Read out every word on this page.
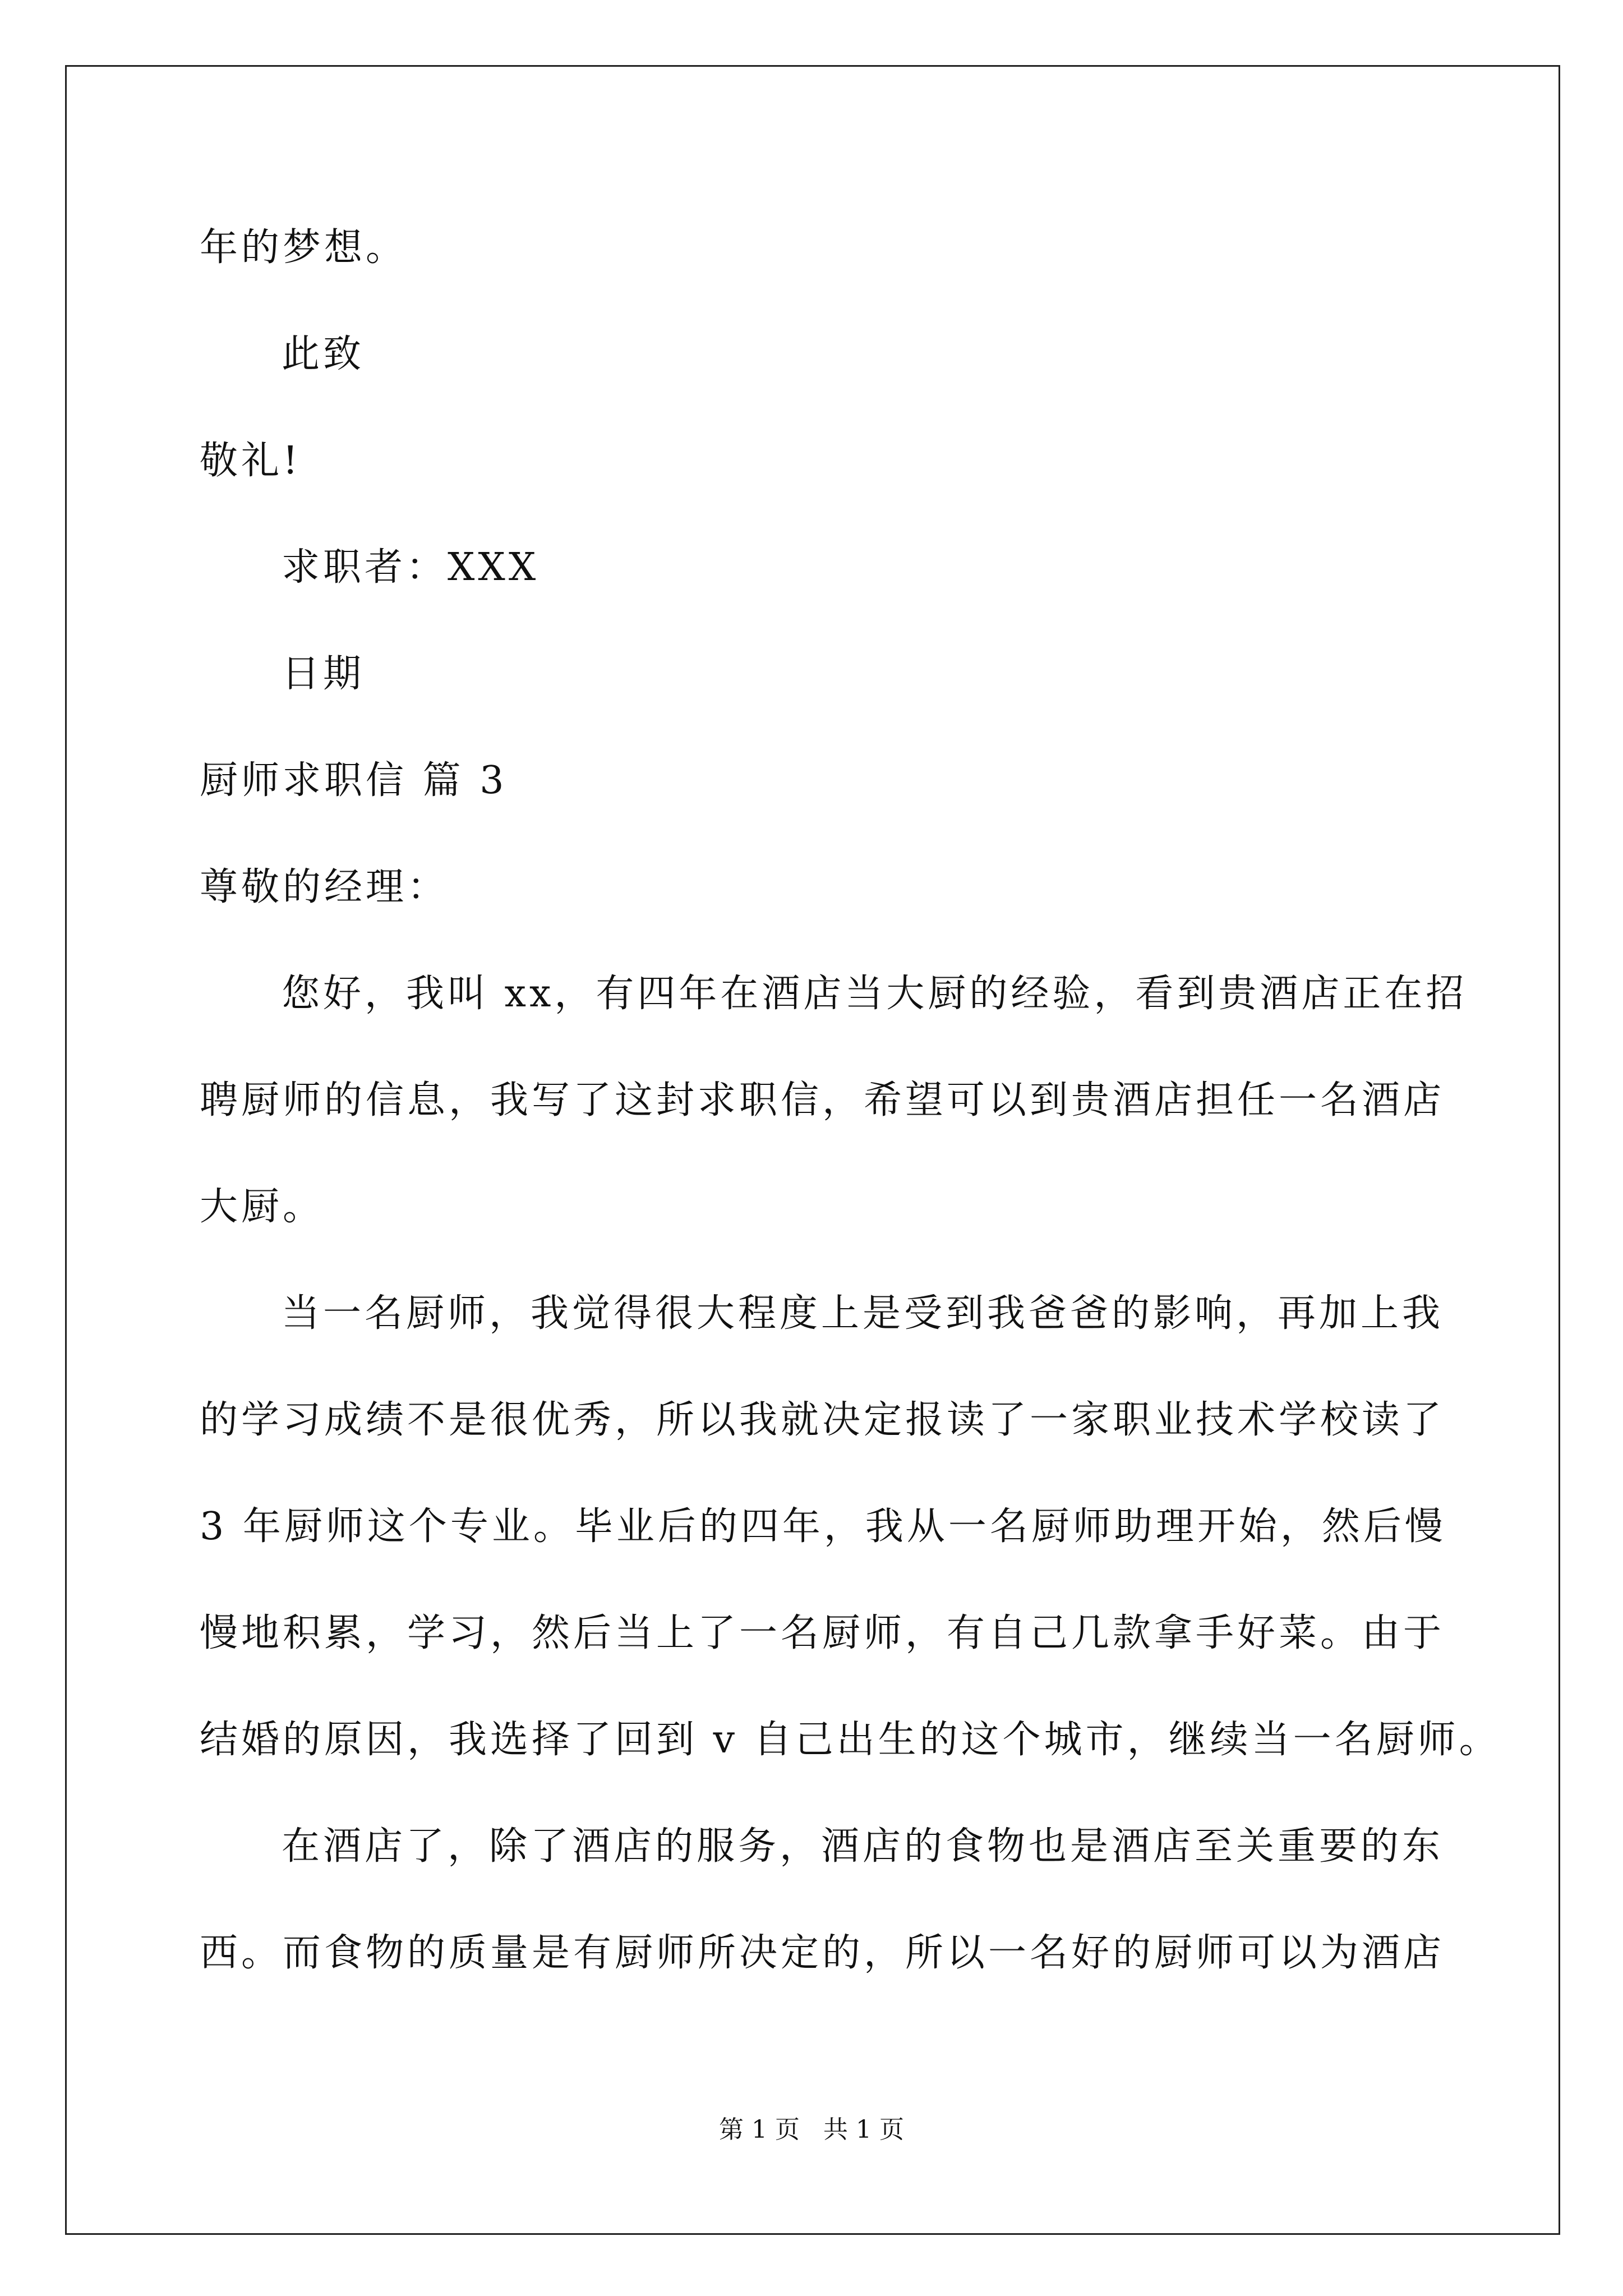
年的梦想。
此致
敬礼!
求职者：XXX
日期
厨师求职信 篇 3
尊敬的经理：
您好，我叫 xx，有四年在酒店当大厨的经验，看到贵酒店正在招
聘厨师的信息，我写了这封求职信，希望可以到贵酒店担任一名酒店
大厨。
当一名厨师，我觉得很大程度上是受到我爸爸的影响，再加上我
的学习成绩不是很优秀，所以我就决定报读了一家职业技术学校读了
3 年厨师这个专业。毕业后的四年，我从一名厨师助理开始，然后慢
慢地积累，学习，然后当上了一名厨师，有自己几款拿手好菜。由于
结婚的原因，我选择了回到 v 自己出生的这个城市，继续当一名厨师。
在酒店了，除了酒店的服务，酒店的食物也是酒店至关重要的东
西。而食物的质量是有厨师所决定的，所以一名好的厨师可以为酒店
第 1 页   共 1 页
